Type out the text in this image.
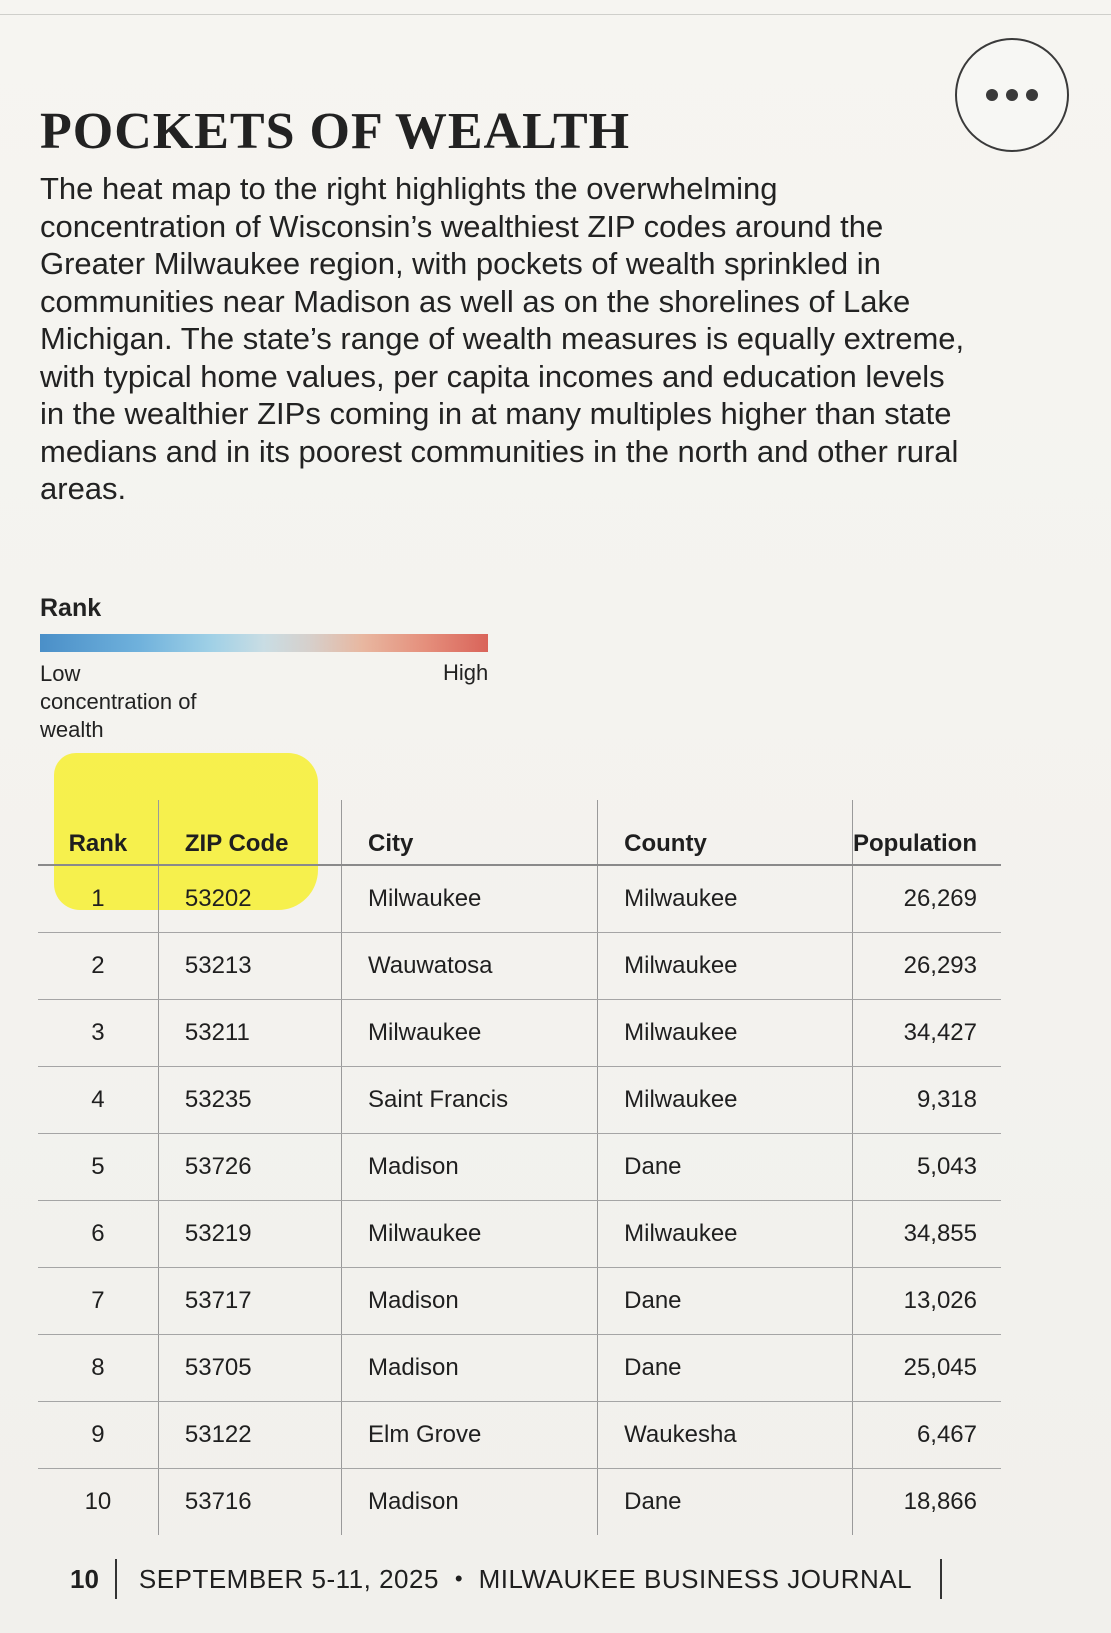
POCKETS OF WEALTH

The heat map to the right highlights the overwhelming concentration of Wisconsin’s wealthiest ZIP codes around the Greater Milwaukee region, with pockets of wealth sprinkled in communities near Madison as well as on the shorelines of Lake Michigan. The state’s range of wealth measures is equally extreme, with typical home values, per capita incomes and education levels in the wealthier ZIPs coming in at many multiples higher than state medians and in its poorest communities in the north and other rural areas.

Rank
Low concentration of wealth
High
Rank	ZIP Code	City	County	Population
1	53202	Milwaukee	Milwaukee	26,269
2	53213	Wauwatosa	Milwaukee	26,293
3	53211	Milwaukee	Milwaukee	34,427
4	53235	Saint Francis	Milwaukee	9,318
5	53726	Madison	Dane	5,043
6	53219	Milwaukee	Milwaukee	34,855
7	53717	Madison	Dane	13,026
8	53705	Madison	Dane	25,045
9	53122	Elm Grove	Waukesha	6,467
10	53716	Madison	Dane	18,866
10	SEPTEMBER 5-11, 2025 • MILWAUKEE BUSINESS JOURNAL
